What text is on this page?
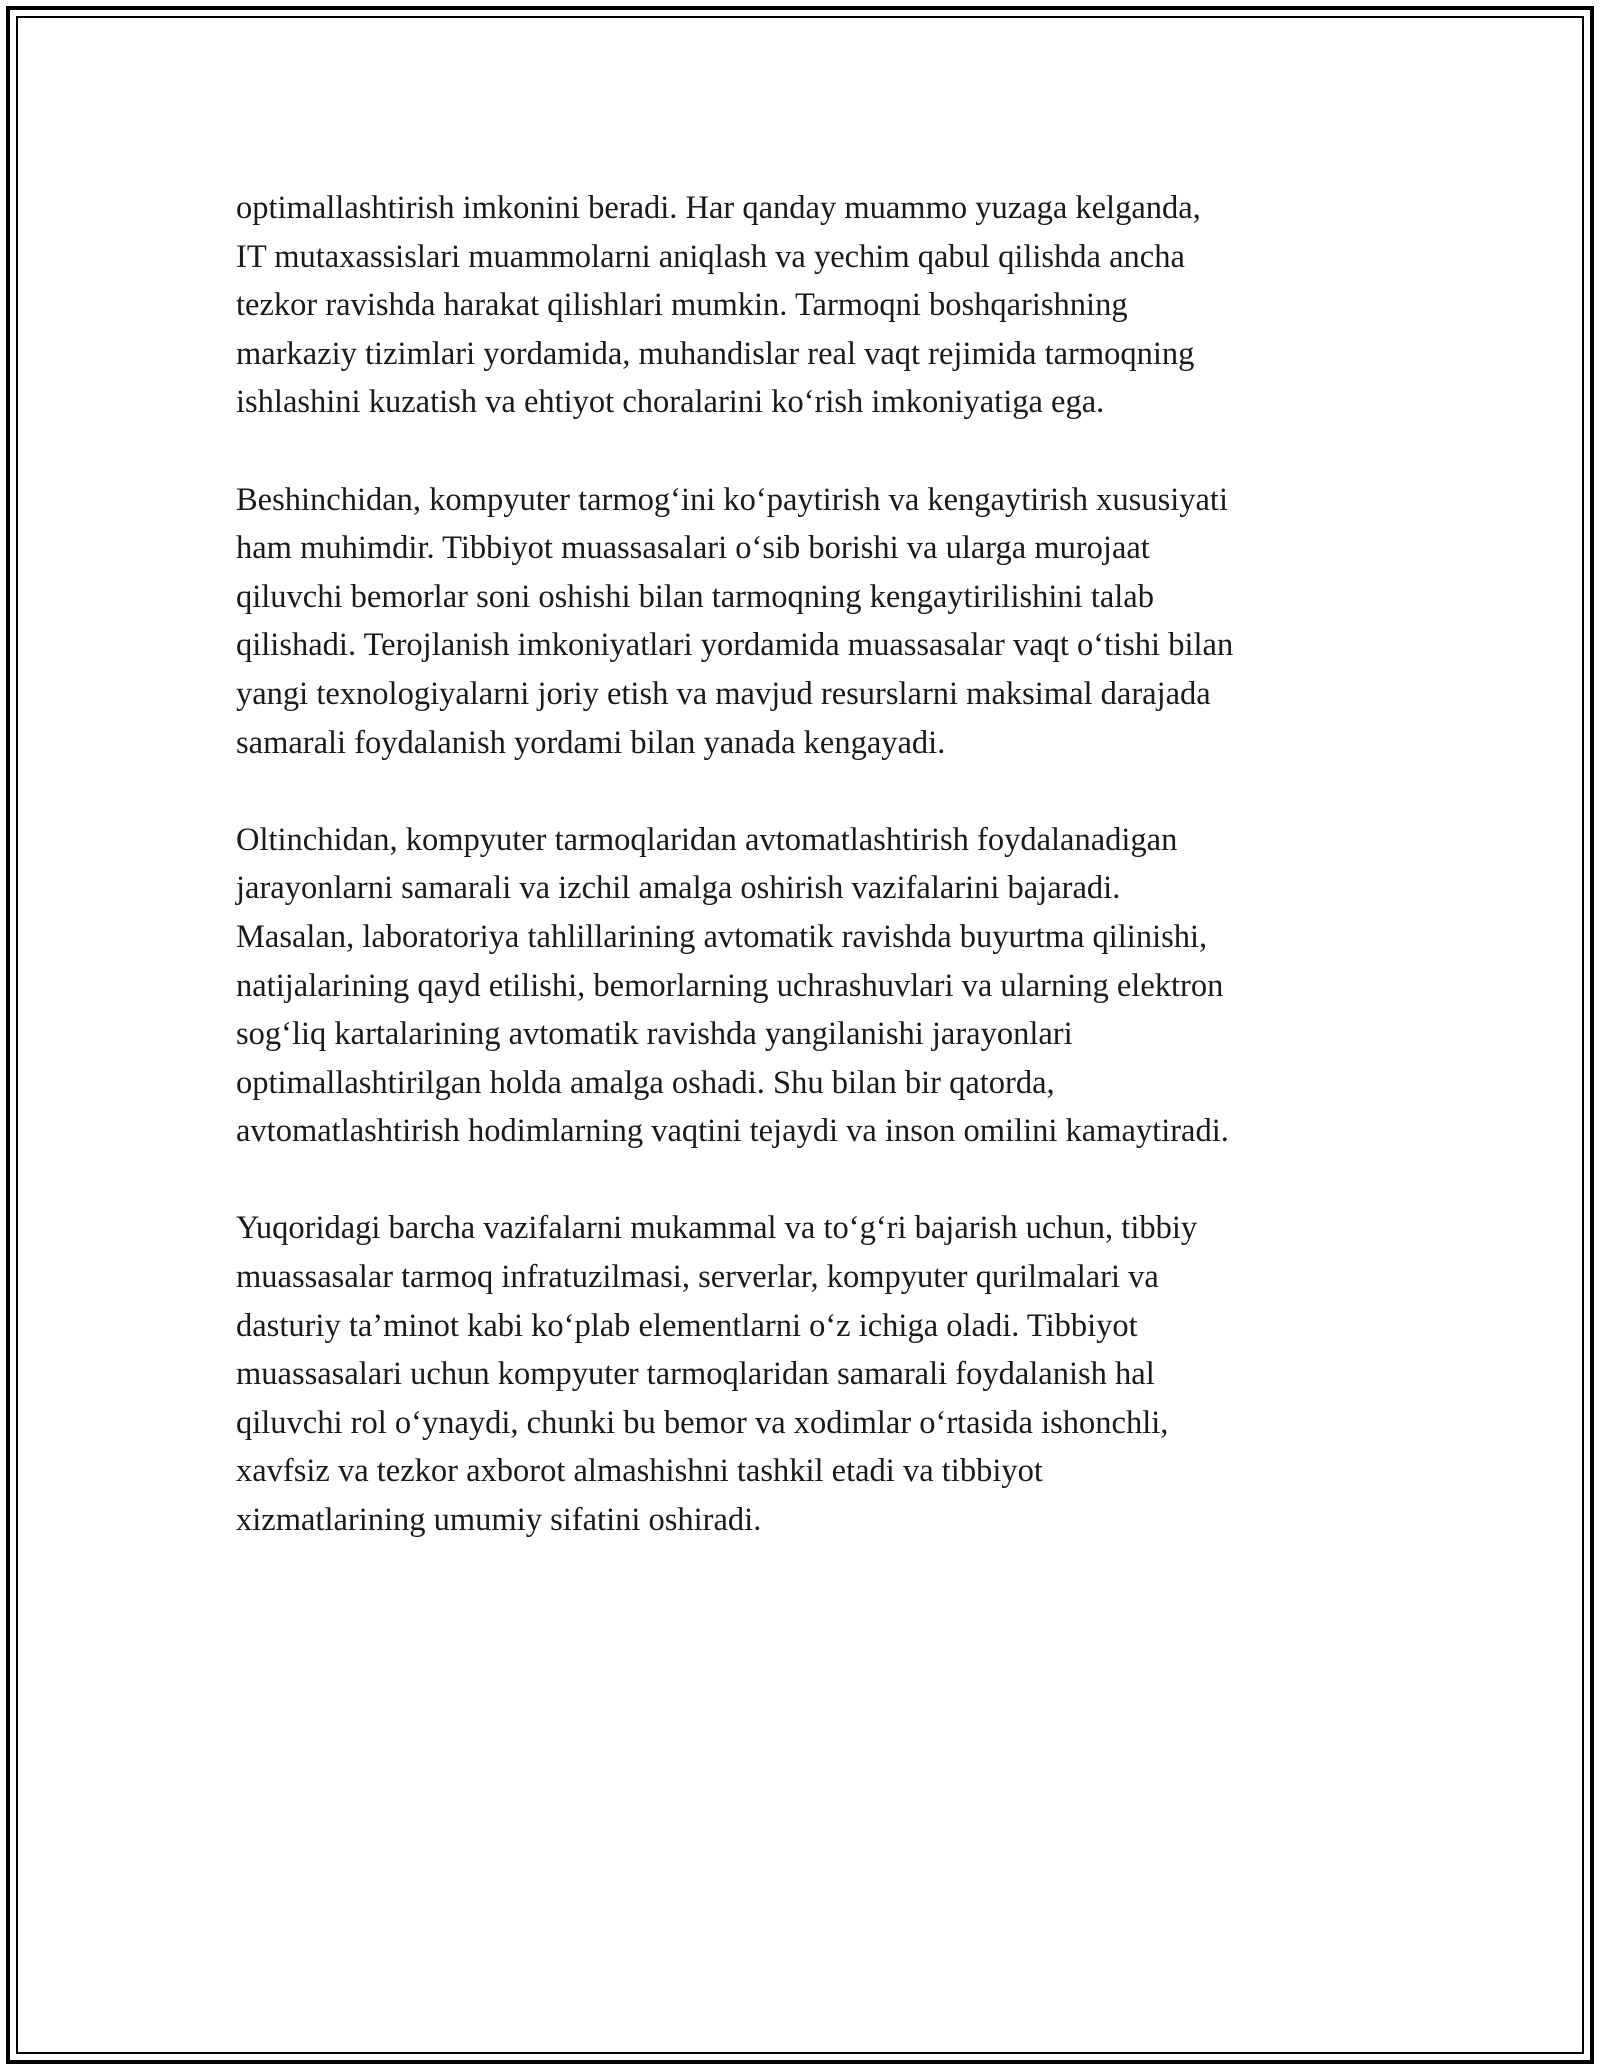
optimallashtirish imkonini beradi. Har qanday muammo yuzaga kelganda,
IT mutaxassislari muammolarni aniqlash va yechim qabul qilishda ancha
tezkor ravishda harakat qilishlari mumkin. Tarmoqni boshqarishning
markaziy tizimlari yordamida, muhandislar real vaqt rejimida tarmoqning
ishlashini kuzatish va ehtiyot choralarini ko‘rish imkoniyatiga ega.

Beshinchidan, kompyuter tarmog‘ini ko‘paytirish va kengaytirish xususiyati
ham muhimdir. Tibbiyot muassasalari o‘sib borishi va ularga murojaat
qiluvchi bemorlar soni oshishi bilan tarmoqning kengaytirilishini talab
qilishadi. Terojlanish imkoniyatlari yordamida muassasalar vaqt o‘tishi bilan
yangi texnologiyalarni joriy etish va mavjud resurslarni maksimal darajada
samarali foydalanish yordami bilan yanada kengayadi.

Oltinchidan, kompyuter tarmoqlaridan avtomatlashtirish foydalanadigan
jarayonlarni samarali va izchil amalga oshirish vazifalarini bajaradi.
Masalan, laboratoriya tahlillarining avtomatik ravishda buyurtma qilinishi,
natijalarining qayd etilishi, bemorlarning uchrashuvlari va ularning elektron
sog‘liq kartalarining avtomatik ravishda yangilanishi jarayonlari
optimallashtirilgan holda amalga oshadi. Shu bilan bir qatorda,
avtomatlashtirish hodimlarning vaqtini tejaydi va inson omilini kamaytiradi.

Yuqoridagi barcha vazifalarni mukammal va to‘g‘ri bajarish uchun, tibbiy
muassasalar tarmoq infratuzilmasi, serverlar, kompyuter qurilmalari va
dasturiy ta’minot kabi ko‘plab elementlarni o‘z ichiga oladi. Tibbiyot
muassasalari uchun kompyuter tarmoqlaridan samarali foydalanish hal
qiluvchi rol o‘ynaydi, chunki bu bemor va xodimlar o‘rtasida ishonchli,
xavfsiz va tezkor axborot almashishni tashkil etadi va tibbiyot
xizmatlarining umumiy sifatini oshiradi.
